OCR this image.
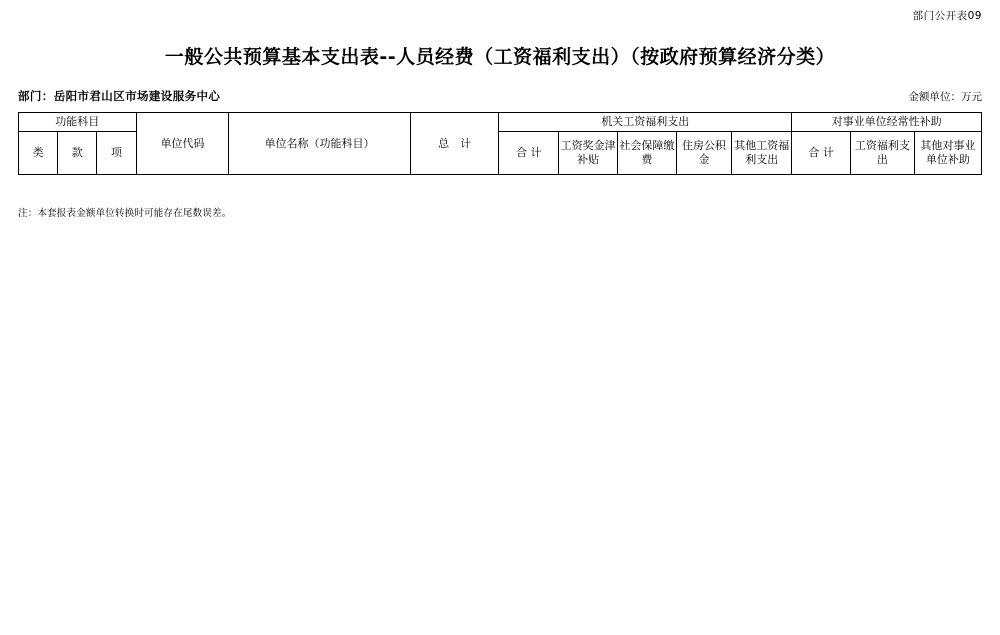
部门公开表09
一般公共预算基本支出表--人员经费（工资福利支出）（按政府预算经济分类）
部门：岳阳市君山区市场建设服务中心	金额单位：万元
功能科目			单位代码	单位名称（功能科目）	总　计	机关工资福利支出					对事业单位经常性补助		
类	款	项				合 计	工资奖金津补贴	社会保障缴费	住房公积金	其他工资福利支出	合 计	工资福利支出	其他对事业单位补助
注：本套报表金额单位转换时可能存在尾数误差。
